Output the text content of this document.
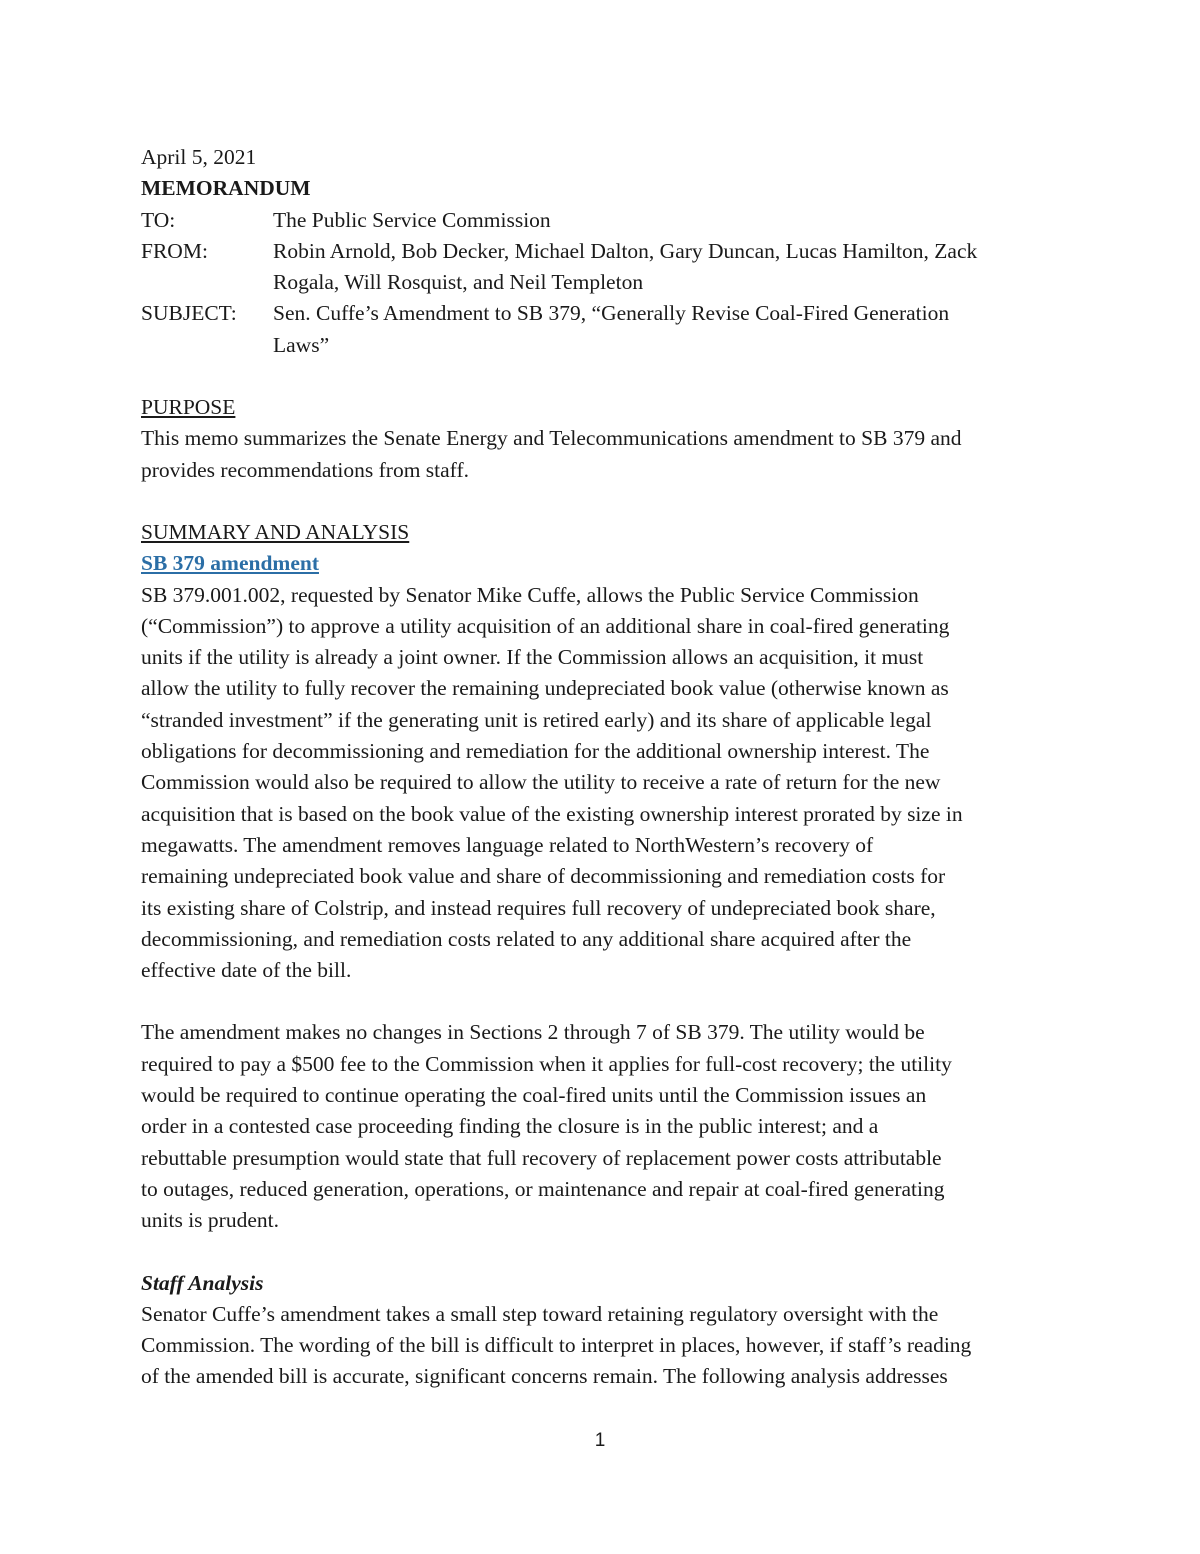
April 5, 2021
MEMORANDUM
TO:	The Public Service Commission
FROM:	Robin Arnold, Bob Decker, Michael Dalton, Gary Duncan, Lucas Hamilton, Zack
Rogala, Will Rosquist, and Neil Templeton
SUBJECT:	Sen. Cuffe’s Amendment to SB 379, “Generally Revise Coal-Fired Generation
Laws”
PURPOSE
This memo summarizes the Senate Energy and Telecommunications amendment to SB 379 and
provides recommendations from staff.
SUMMARY AND ANALYSIS
SB 379 amendment
SB 379.001.002, requested by Senator Mike Cuffe, allows the Public Service Commission
(“Commission”) to approve a utility acquisition of an additional share in coal-fired generating
units if the utility is already a joint owner. If the Commission allows an acquisition, it must
allow the utility to fully recover the remaining undepreciated book value (otherwise known as
“stranded investment” if the generating unit is retired early) and its share of applicable legal
obligations for decommissioning and remediation for the additional ownership interest. The
Commission would also be required to allow the utility to receive a rate of return for the new
acquisition that is based on the book value of the existing ownership interest prorated by size in
megawatts. The amendment removes language related to NorthWestern’s recovery of
remaining undepreciated book value and share of decommissioning and remediation costs for
its existing share of Colstrip, and instead requires full recovery of undepreciated book share,
decommissioning, and remediation costs related to any additional share acquired after the
effective date of the bill.
The amendment makes no changes in Sections 2 through 7 of SB 379. The utility would be
required to pay a $500 fee to the Commission when it applies for full-cost recovery; the utility
would be required to continue operating the coal-fired units until the Commission issues an
order in a contested case proceeding finding the closure is in the public interest; and a
rebuttable presumption would state that full recovery of replacement power costs attributable
to outages, reduced generation, operations, or maintenance and repair at coal-fired generating
units is prudent.
Staff Analysis
Senator Cuffe’s amendment takes a small step toward retaining regulatory oversight with the
Commission. The wording of the bill is difficult to interpret in places, however, if staff’s reading
of the amended bill is accurate, significant concerns remain. The following analysis addresses
1
